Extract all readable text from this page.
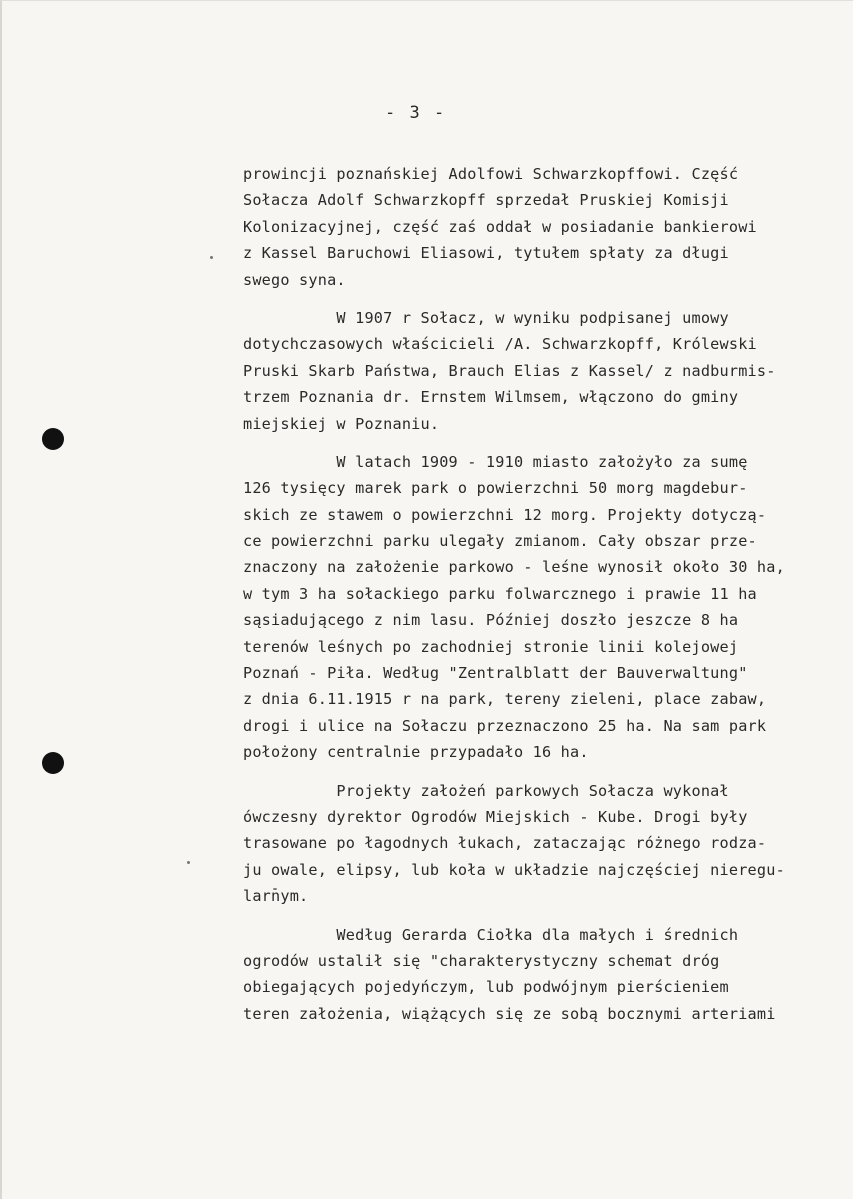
- 3 -
prowincji poznańskiej Adolfowi Schwarzkopffowi. Część
Sołacza Adolf Schwarzkopff sprzedał Pruskiej Komisji
Kolonizacyjnej, część zaś oddał w posiadanie bankierowi
z Kassel Baruchowi Eliasowi, tytułem spłaty za długi
swego syna.
W 1907 r Sołacz, w wyniku podpisanej umowy
dotychczasowych właścicieli /A. Schwarzkopff, Królewski
Pruski Skarb Państwa, Brauch Elias z Kassel/ z nadburmis-
trzem Poznania dr. Ernstem Wilmsem, włączono do gminy
miejskiej w Poznaniu.
W latach 1909 - 1910 miasto założyło za sumę
126 tysięcy marek park o powierzchni 50 morg magdebur-
skich ze stawem o powierzchni 12 morg. Projekty dotyczą-
ce powierzchni parku ulegały zmianom. Cały obszar prze-
znaczony na założenie parkowo - leśne wynosił około 30 ha,
w tym 3 ha sołackiego parku folwarcznego i prawie 11 ha
sąsiadującego z nim lasu. Później doszło jeszcze 8 ha
terenów leśnych po zachodniej stronie linii kolejowej
Poznań - Piła. Według "Zentralblatt der Bauverwaltung"
z dnia 6.11.1915 r na park, tereny zieleni, place zabaw,
drogi i ulice na Sołaczu przeznaczono 25 ha. Na sam park
położony centralnie przypadało 16 ha.
Projekty założeń parkowych Sołacza wykonał
ówczesny dyrektor Ogrodów Miejskich - Kube. Drogi były
trasowane po łagodnych łukach, zataczając różnego rodza-
ju owale, elipsy, lub koła w układzie najczęściej nieregu-
larnym.
Według Gerarda Ciołka dla małych i średnich
ogrodów ustalił się "charakterystyczny schemat dróg
obiegających pojedyńczym, lub podwójnym pierścieniem
teren założenia, wiążących się ze sobą bocznymi arteriami
